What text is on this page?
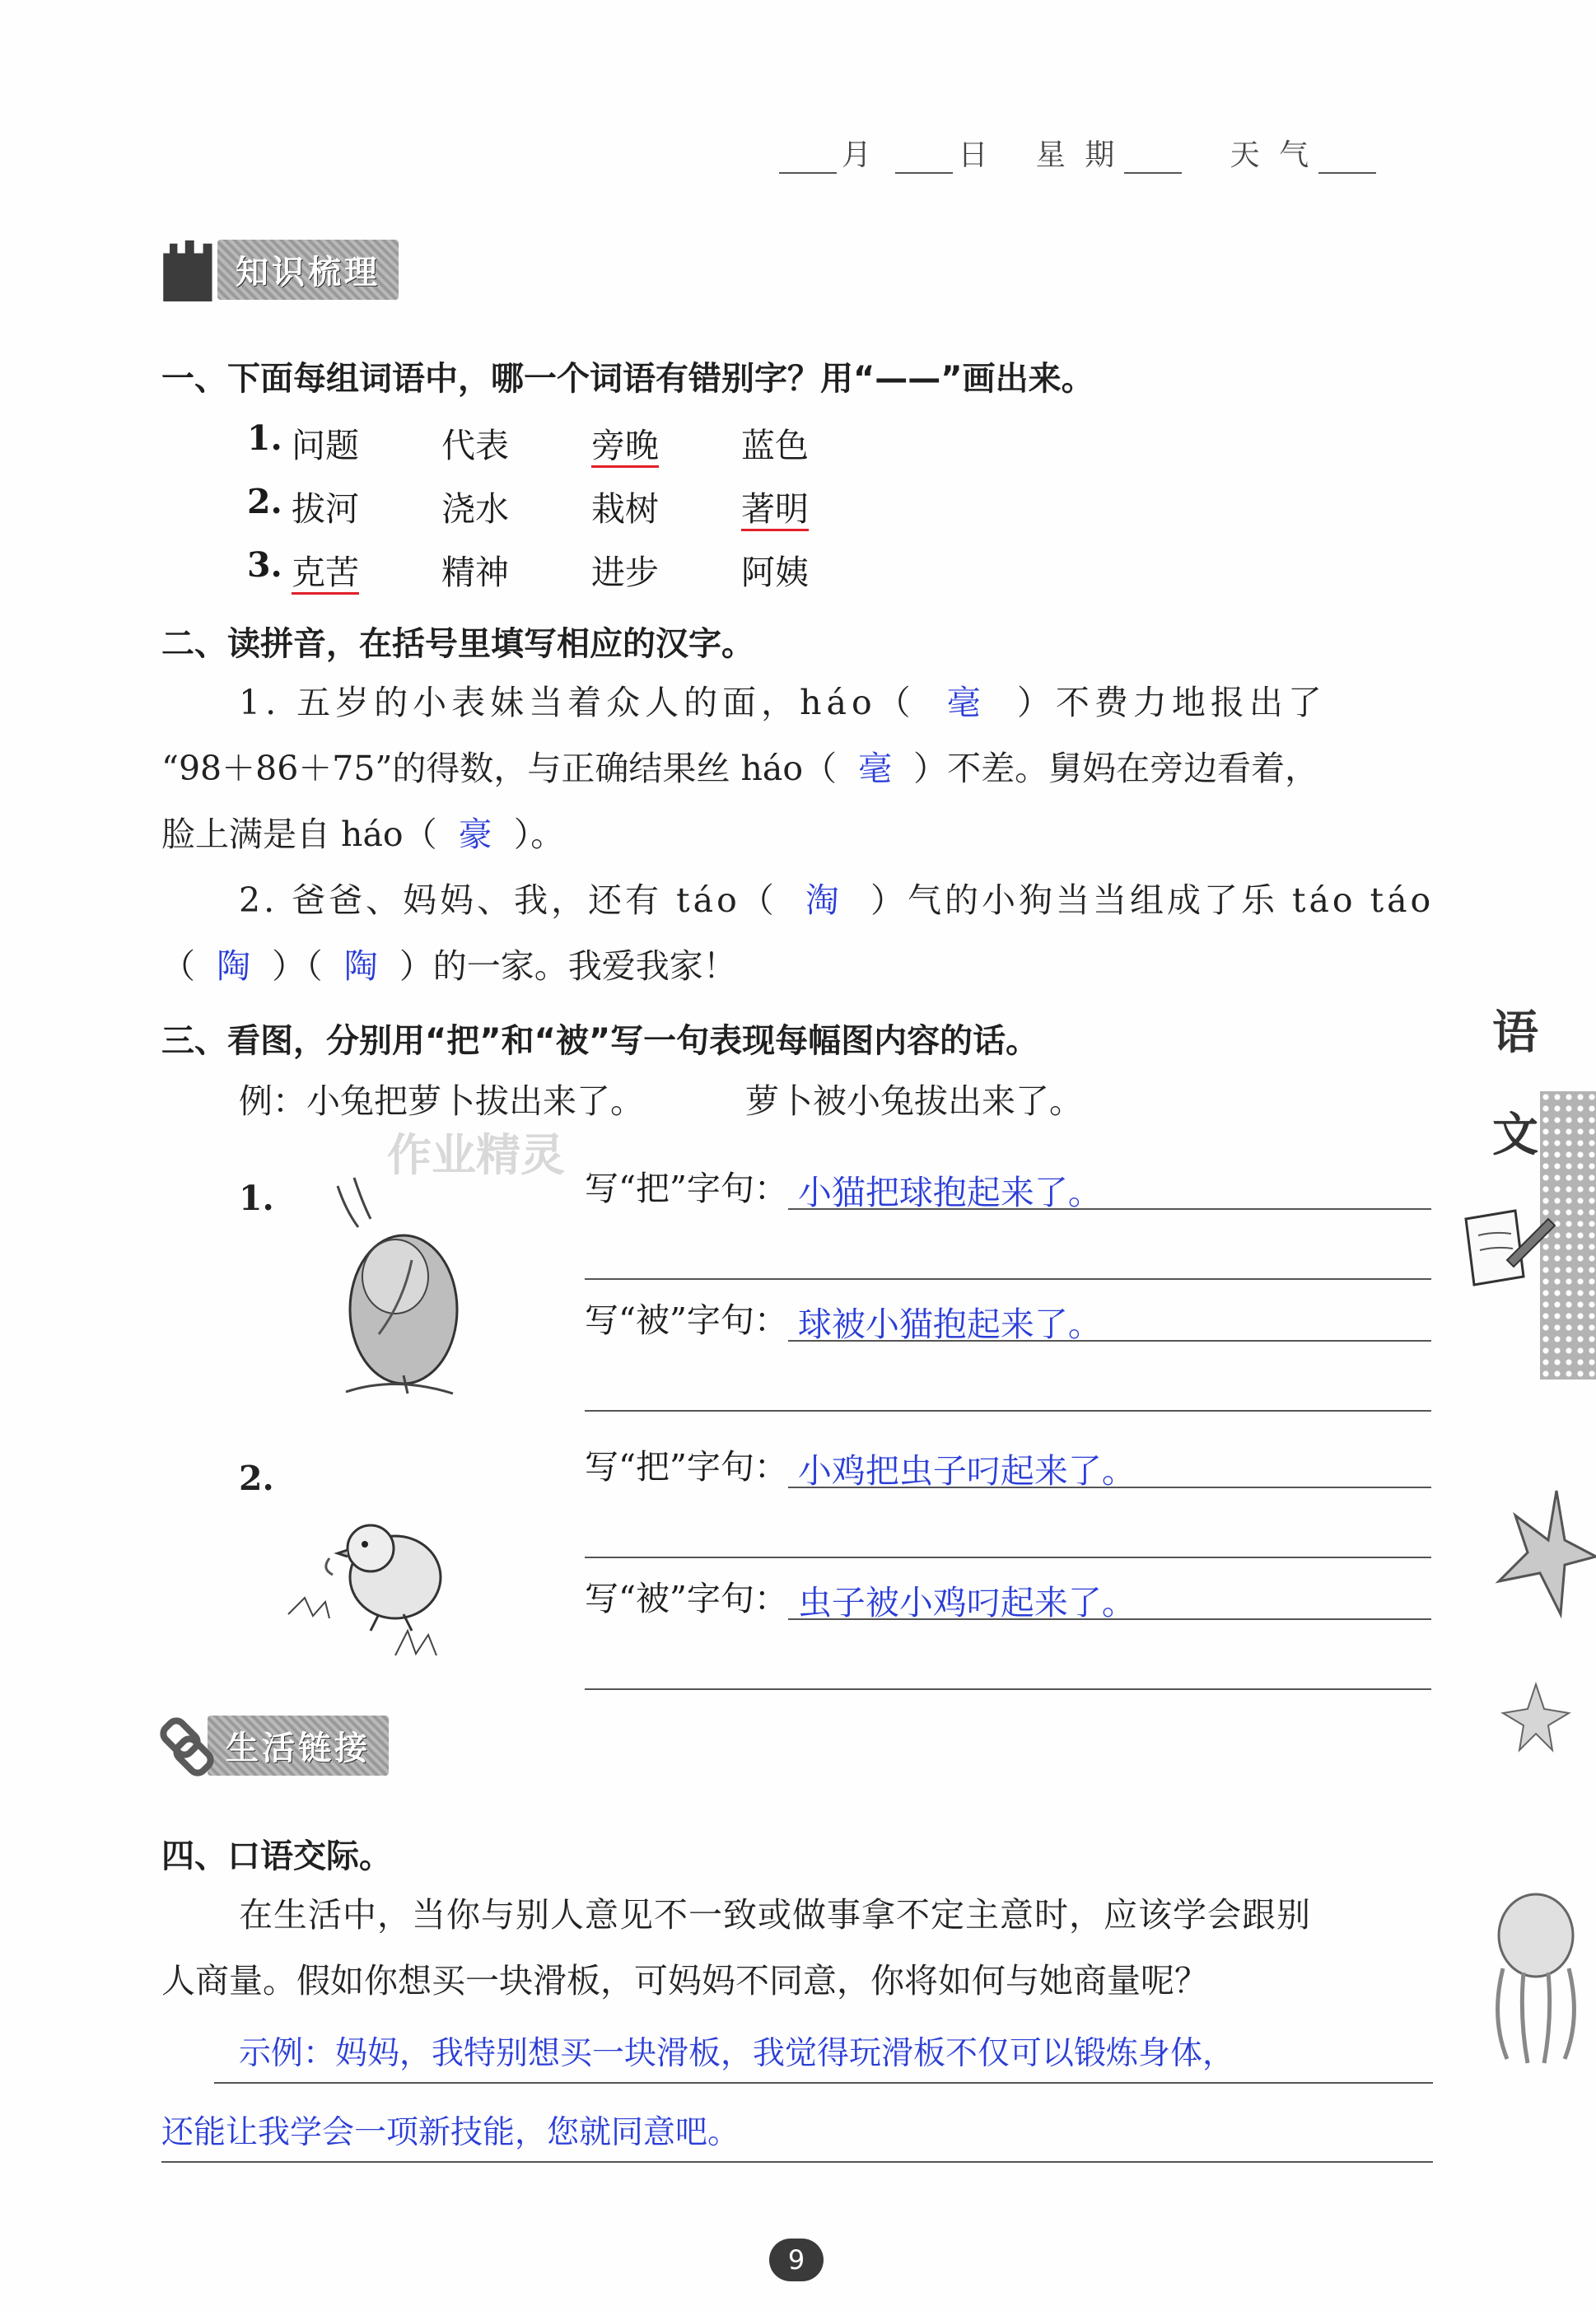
月	日 星 期	天 气
知识梳理
一、下面每组词语中，哪一个词语有错别字？用“——”画出来。
1. 问题	代表	旁晚	蓝色
2. 拔河	浇水	栽树	著明
3. 克苦	精神	进步	阿姨
二、读拼音，在括号里填写相应的汉字。
1. 五岁的小表妹当着众人的面，háo（ 毫 ）不费力地报出了
“98＋86＋75”的得数，与正确结果丝 háo（ 毫 ）不差。舅妈在旁边看着，
脸上满是自 háo（ 豪 ）。
2. 爸爸、妈妈、我，还有 táo（ 淘 ）气的小狗当当组成了乐 táo táo
（ 陶 ）（ 陶 ）的一家。我爱我家！
三、看图，分别用“把”和“被”写一句表现每幅图内容的话。
例：小兔把萝卜拔出来了。	萝卜被小兔拔出来了。
作业精灵
1.	写“把”字句： 小猫把球抱起来了。
写“被”字句： 球被小猫抱起来了。
2.	写“把”字句： 小鸡把虫子叼起来了。
写“被”字句： 虫子被小鸡叼起来了。
生活链接
四、口语交际。
在生活中，当你与别人意见不一致或做事拿不定主意时，应该学会跟别
人商量。假如你想买一块滑板，可妈妈不同意，你将如何与她商量呢？
示例：妈妈，我特别想买一块滑板，我觉得玩滑板不仅可以锻炼身体，
还能让我学会一项新技能，您就同意吧。
语
文
9
